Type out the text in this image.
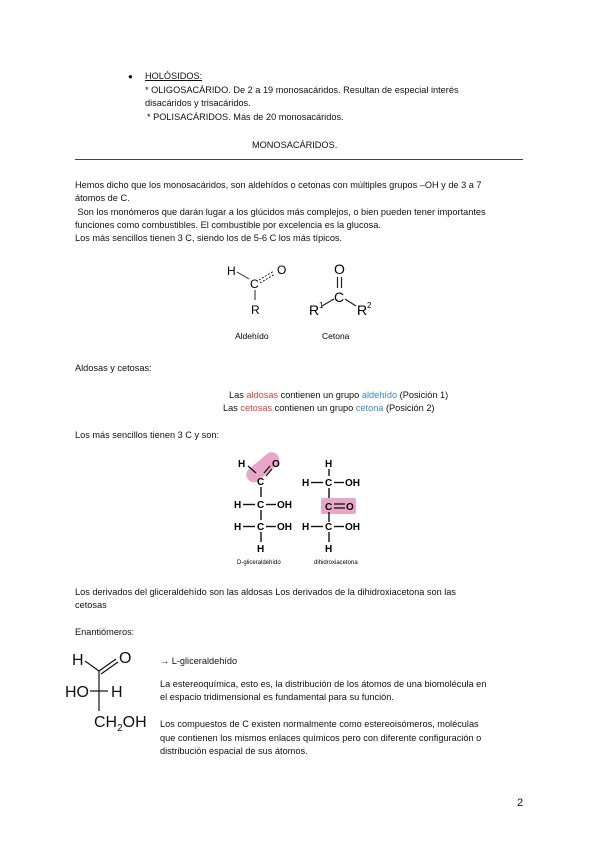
● HOLÓSIDOS:
* OLIGOSACÁRIDO. De 2 a 19 monosacáridos. Resultan de especial interés
disacáridos y trisacáridos.
* POLISACÁRIDOS. Más de 20 monosacáridos.
MONOSACÁRIDOS.
Hemos dicho que los monosacáridos, son aldehídos o cetonas con múltiples grupos –OH y de 3 a 7
átomos de C.
Son los monómeros que darán lugar a los glúcidos más complejos, o bien pueden tener importantes
funciones como combustibles. El combustible por excelencia es la glucosa.
Los más sencillos tienen 3 C, siendo los de 5-6 C los más típicos.
H
C
O
R
Aldehído
O
C
R 1 R 2
Cetona
Aldosas y cetosas:
Las aldosas contienen un grupo aldehído (Posición 1)
Las cetosas contienen un grupo cetona (Posición 2)
Los más sencillos tienen 3 C y son:
H
C
O
H C OH
H C OH
H
H
H C OH
C O
H C OH
H
D-gliceraldehído	dihidroxiacetona
Los derivados del gliceraldehído son las aldosas Los derivados de la dihidroxiacetona son las
cetosas
Enantiómeros:
H O
HO H
$CH_2OH$
→ L-gliceraldehído
La estereoquímica, esto es, la distribución de los átomos de una biomolécula en
el espacio tridimensional es fundamental para su función.
Los compuestos de C existen normalmente como estereoisómeros, moléculas
que contienen los mismos enlaces químicos pero con diferente configuración o
distribución espacial de sus átomos.
2
